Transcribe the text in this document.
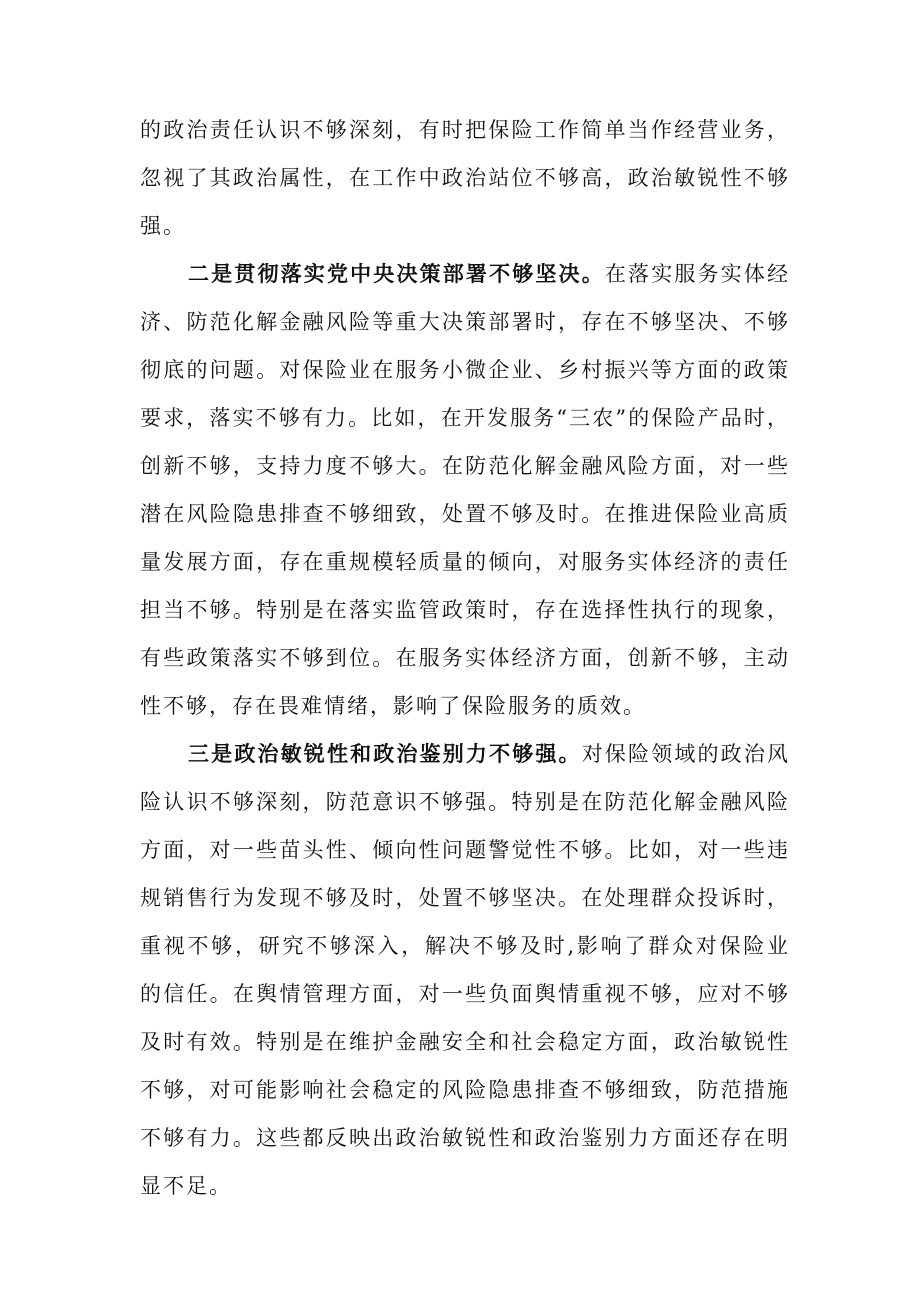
的政治责任认识不够深刻，有时把保险工作简单当作经营业务，忽视了其政治属性，在工作中政治站位不够高，政治敏锐性不够强。

二是贯彻落实党中央决策部署不够坚决。在落实服务实体经济、防范化解金融风险等重大决策部署时，存在不够坚决、不够彻底的问题。对保险业在服务小微企业、乡村振兴等方面的政策要求，落实不够有力。比如，在开发服务“三农”的保险产品时，创新不够，支持力度不够大。在防范化解金融风险方面，对一些潜在风险隐患排查不够细致，处置不够及时。在推进保险业高质量发展方面，存在重规模轻质量的倾向，对服务实体经济的责任担当不够。特别是在落实监管政策时，存在选择性执行的现象，有些政策落实不够到位。在服务实体经济方面，创新不够，主动性不够，存在畏难情绪，影响了保险服务的质效。

三是政治敏锐性和政治鉴别力不够强。对保险领域的政治风险认识不够深刻，防范意识不够强。特别是在防范化解金融风险方面，对一些苗头性、倾向性问题警觉性不够。比如，对一些违规销售行为发现不够及时，处置不够坚决。在处理群众投诉时，重视不够，研究不够深入，解决不够及时,影响了群众对保险业的信任。在舆情管理方面，对一些负面舆情重视不够，应对不够及时有效。特别是在维护金融安全和社会稳定方面，政治敏锐性不够，对可能影响社会稳定的风险隐患排查不够细致，防范措施不够有力。这些都反映出政治敏锐性和政治鉴别力方面还存在明显不足。
